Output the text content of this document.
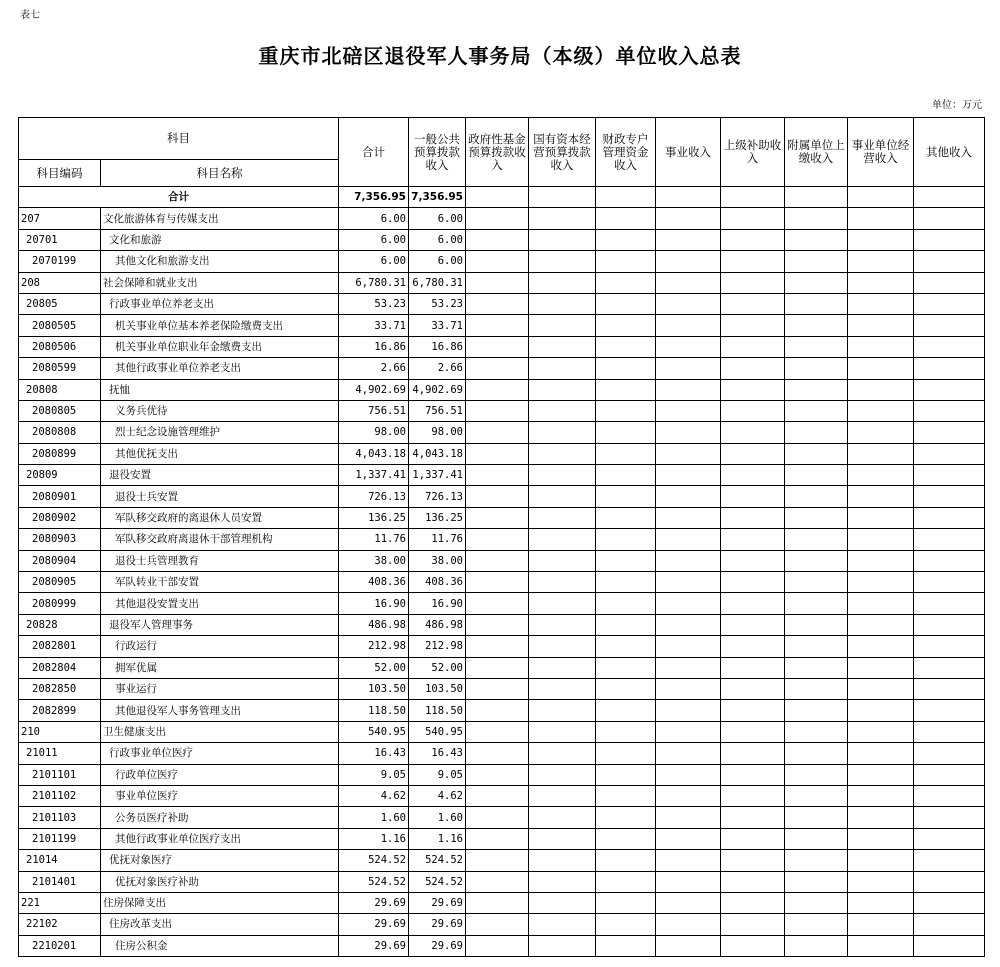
表七
重庆市北碚区退役军人事务局（本级）单位收入总表
单位：万元
科目		合计	一般公共预算拨款收入	政府性基金预算拨款收入	国有资本经营预算拨款收入	财政专户管理资金收入	事业收入	上级补助收入	附属单位上缴收入	事业单位经营收入	其他收入
科目编码	科目名称										
合计		7,356.95	7,356.95								
207	文化旅游体育与传媒支出	6.00	6.00								
20701	文化和旅游	6.00	6.00								
2070199	其他文化和旅游支出	6.00	6.00								
208	社会保障和就业支出	6,780.31	6,780.31								
20805	行政事业单位养老支出	53.23	53.23								
2080505	机关事业单位基本养老保险缴费支出	33.71	33.71								
2080506	机关事业单位职业年金缴费支出	16.86	16.86								
2080599	其他行政事业单位养老支出	2.66	2.66								
20808	抚恤	4,902.69	4,902.69								
2080805	义务兵优待	756.51	756.51								
2080808	烈士纪念设施管理维护	98.00	98.00								
2080899	其他优抚支出	4,043.18	4,043.18								
20809	退役安置	1,337.41	1,337.41								
2080901	退役士兵安置	726.13	726.13								
2080902	军队移交政府的离退休人员安置	136.25	136.25								
2080903	军队移交政府离退休干部管理机构	11.76	11.76								
2080904	退役士兵管理教育	38.00	38.00								
2080905	军队转业干部安置	408.36	408.36								
2080999	其他退役安置支出	16.90	16.90								
20828	退役军人管理事务	486.98	486.98								
2082801	行政运行	212.98	212.98								
2082804	拥军优属	52.00	52.00								
2082850	事业运行	103.50	103.50								
2082899	其他退役军人事务管理支出	118.50	118.50								
210	卫生健康支出	540.95	540.95								
21011	行政事业单位医疗	16.43	16.43								
2101101	行政单位医疗	9.05	9.05								
2101102	事业单位医疗	4.62	4.62								
2101103	公务员医疗补助	1.60	1.60								
2101199	其他行政事业单位医疗支出	1.16	1.16								
21014	优抚对象医疗	524.52	524.52								
2101401	优抚对象医疗补助	524.52	524.52								
221	住房保障支出	29.69	29.69								
22102	住房改革支出	29.69	29.69								
2210201	住房公积金	29.69	29.69								
